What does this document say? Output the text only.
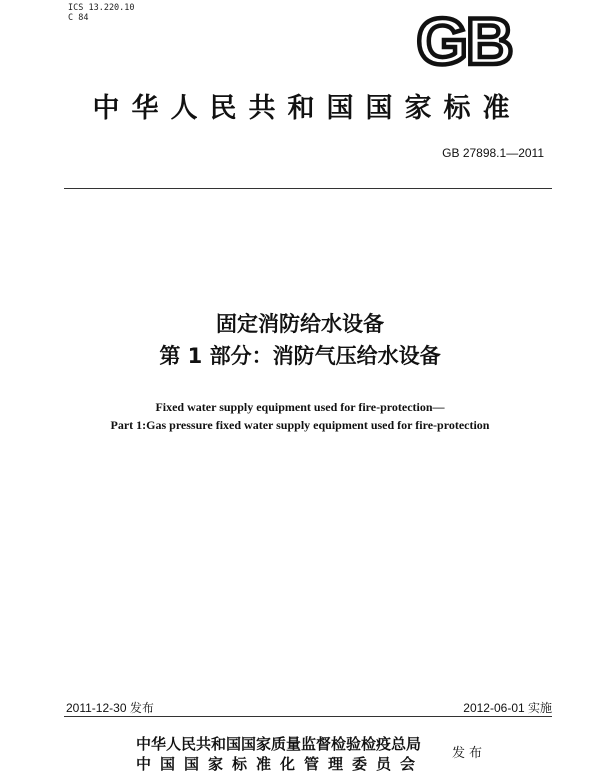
ICS 13.220.10
C 84	GB
中华人民共和国国家标准
GB 27898.1—2011
固定消防给水设备
第 1 部分：消防气压给水设备
Fixed water supply equipment used for fire-protection—
Part 1:Gas pressure fixed water supply equipment used for fire-protection
2011-12-30 发布	2012-06-01 实施
中华人民共和国国家质量监督检验检疫总局
中国国家标准化管理委员会
发布
